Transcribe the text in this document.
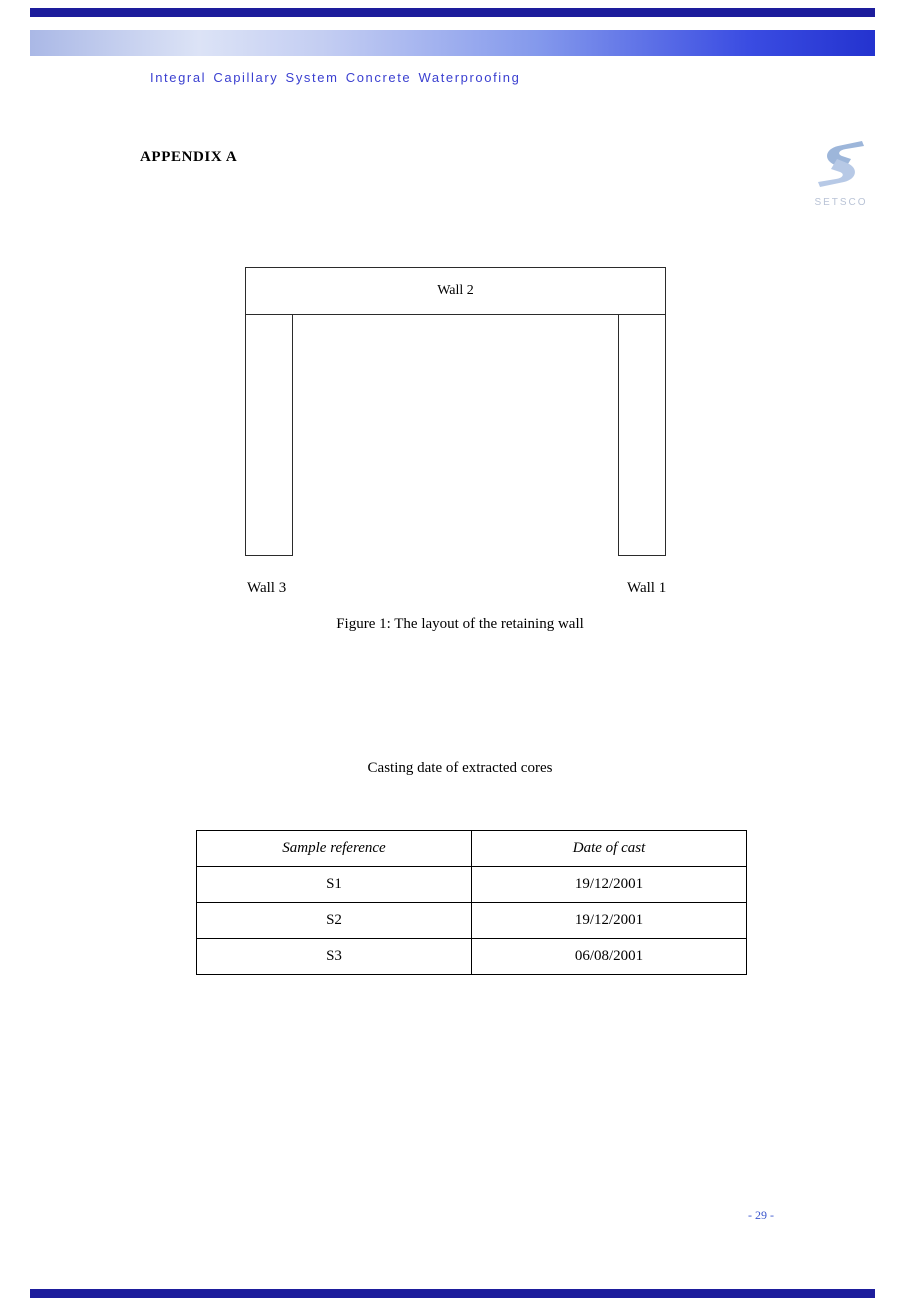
Integral Capillary System Concrete Waterproofing
APPENDIX A
SETSCO
Wall 2
Wall 3	Wall 1
Figure 1: The layout of the retaining wall
Casting date of extracted cores
Sample reference	Date of cast
S1	19/12/2001
S2	19/12/2001
S3	06/08/2001
- 29 -
